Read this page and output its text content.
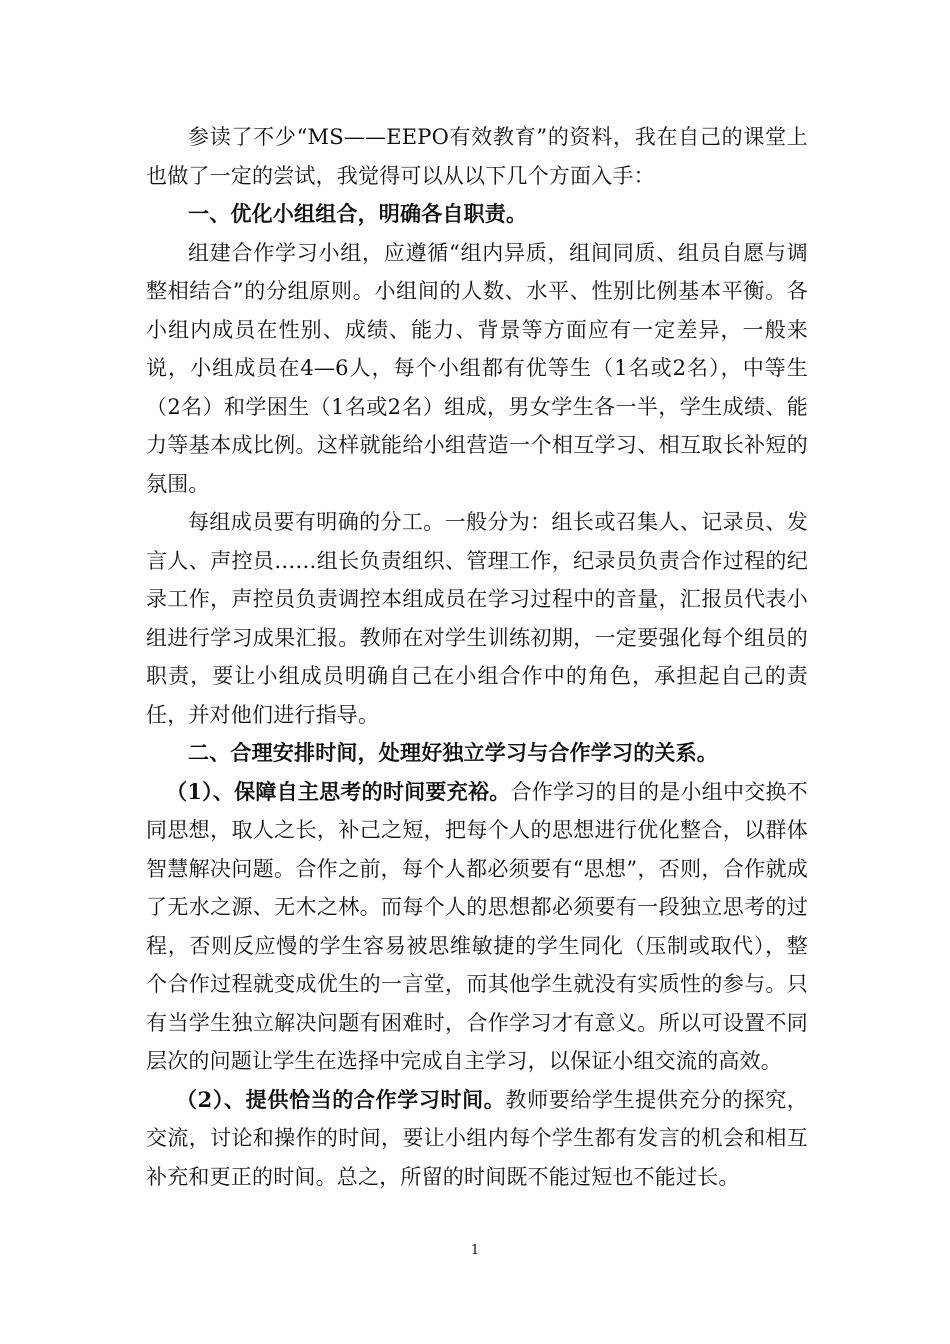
参读了不少“MS——EEPO有效教育”的资料，我在自己的课堂上也做了一定的尝试，我觉得可以从以下几个方面入手：

一、优化小组组合，明确各自职责。

组建合作学习小组，应遵循“组内异质，组间同质、组员自愿与调整相结合”的分组原则。小组间的人数、水平、性别比例基本平衡。各小组内成员在性别、成绩、能力、背景等方面应有一定差异，一般来说，小组成员在4—6人，每个小组都有优等生（1名或2名），中等生（2名）和学困生（1名或2名）组成，男女学生各一半，学生成绩、能力等基本成比例。这样就能给小组营造一个相互学习、相互取长补短的氛围。

每组成员要有明确的分工。一般分为：组长或召集人、记录员、发言人、声控员……组长负责组织、管理工作，纪录员负责合作过程的纪录工作，声控员负责调控本组成员在学习过程中的音量，汇报员代表小组进行学习成果汇报。教师在对学生训练初期，一定要强化每个组员的职责，要让小组成员明确自己在小组合作中的角色，承担起自己的责任，并对他们进行指导。

二、合理安排时间，处理好独立学习与合作学习的关系。

（1）、保障自主思考的时间要充裕。合作学习的目的是小组中交换不同思想，取人之长，补己之短，把每个人的思想进行优化整合，以群体智慧解决问题。合作之前，每个人都必须要有“思想”，否则，合作就成了无水之源、无木之林。而每个人的思想都必须要有一段独立思考的过程，否则反应慢的学生容易被思维敏捷的学生同化（压制或取代），整个合作过程就变成优生的一言堂，而其他学生就没有实质性的参与。只有当学生独立解决问题有困难时，合作学习才有意义。所以可设置不同层次的问题让学生在选择中完成自主学习，以保证小组交流的高效。

（2）、提供恰当的合作学习时间。教师要给学生提供充分的探究，交流，讨论和操作的时间，要让小组内每个学生都有发言的机会和相互补充和更正的时间。总之，所留的时间既不能过短也不能过长。

1
